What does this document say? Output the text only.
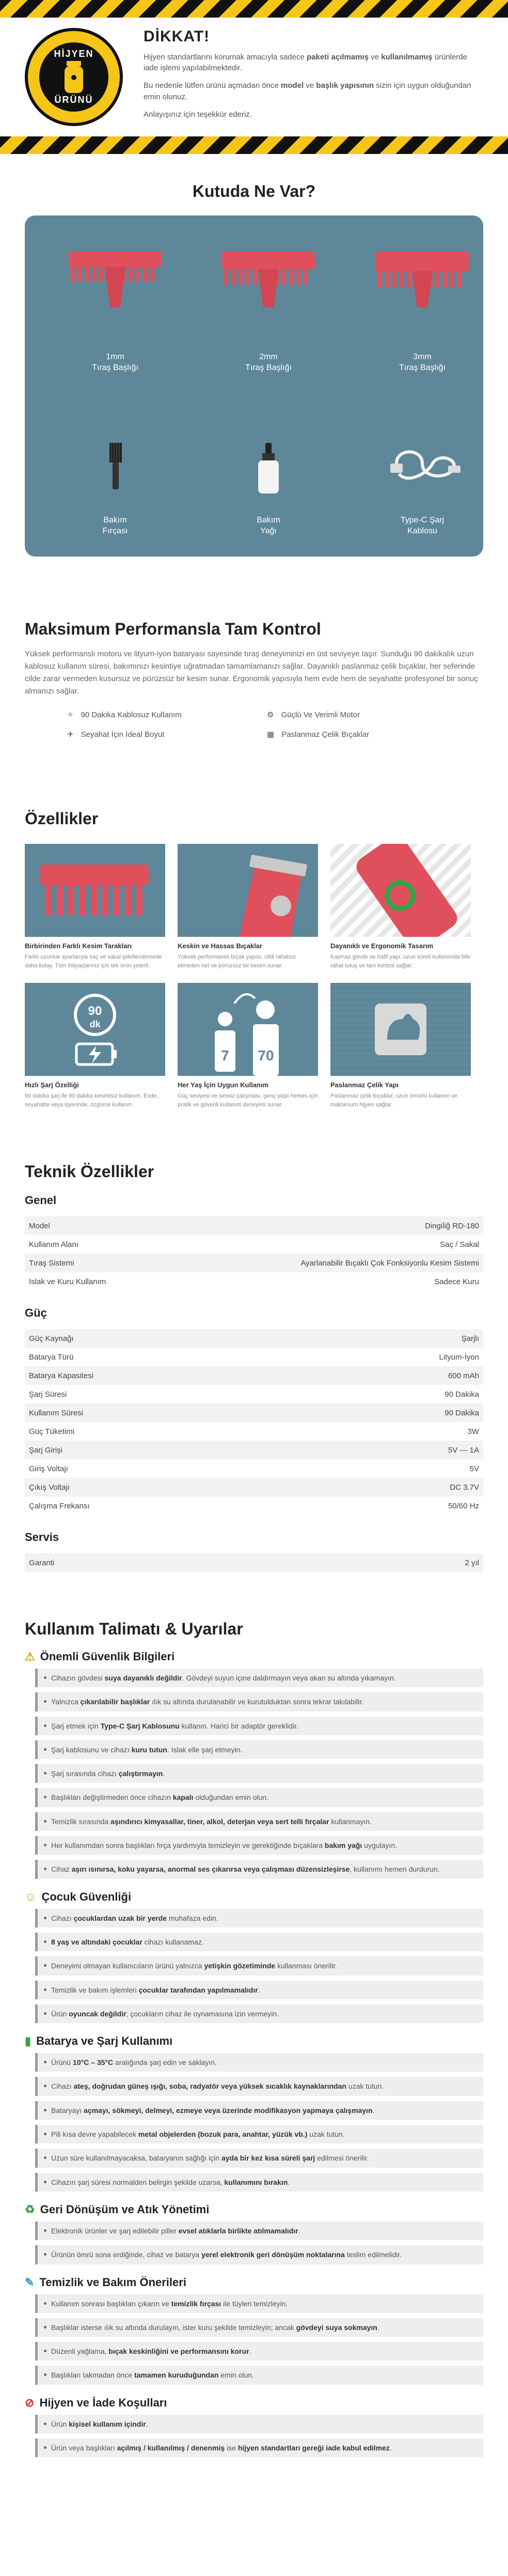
HİJYEN
ÜRÜNÜ
DİKKAT!

Hijyen standartlarını korumak amacıyla sadece paketi açılmamış ve kullanılmamış ürünlerde iade işlemi yapılabilmektedir.

Bu nedenle lütfen ürünü açmadan önce model ve başlık yapısının sizin için uygun olduğundan emin olunuz.

Anlayışınız için teşekkür ederiz.

Kutuda Ne Var?
1mm
Tıraş Başlığı
2mm
Tıraş Başlığı
3mm
Tıraş Başlığı
Bakım
Fırçası
Bakım
Yağı
Type-C Şarj
Kablosu
Maksimum Performansla Tam Kontrol

Yüksek performanslı motoru ve lityum-iyon bataryası sayesinde tıraş deneyiminizi en üst seviyeye taşır. Sunduğu 90 dakikalık uzun kablosuz kullanım süresi, bakımınızı kesintiye uğratmadan tamamlamanızı sağlar. Dayanıklı paslanmaz çelik bıçaklar, her seferinde cilde zarar vermeden kusursuz ve pürüzsüz bir kesim sunar. Ergonomik yapısıyla hem evde hem de seyahatte profesyonel bir sonuç almanızı sağlar.

✧ 90 Dakika Kablosuz Kullanım	⚙ Güçlü Ve Verimli Motor
✈ Seyahat İçin İdeal Boyut	▦ Paslanmaz Çelik Bıçaklar
Özellikler
Birbirinden Farklı Kesim Tarakları

Farklı uzunluk ayarlarıyla saç ve sakal şekillendirmede daha kolay. Tüm ihtiyaçlarınız için tek ürün yeterli.

Keskin ve Hassas Bıçaklar

Yüksek performanslı bıçak yapısı, cildi rahatsız etmeden net ve pürüzsüz bir kesim sunar.

Dayanıklı ve Ergonomik Tasarım

Kaymaz gövde ve hafif yapı, uzun süreli kullanımda bile rahat tutuş ve tam kontrol sağlar.

90
dk
Hızlı Şarj Özelliği

90 dakika şarj ile 90 dakika kesintisiz kullanım. Evde, seyahatte veya işyerinde, özgürce kullanın.

7 70
Her Yaş İçin Uygun Kullanım

Güç seviyesi ve sessiz çalışması, genç yaşlı herkes için pratik ve güvenli kullanım deneyimi sunar.

Paslanmaz Çelik Yapı

Paslanmaz çelik bıçaklar, uzun ömürlü kullanım ve maksimum hijyen sağlar.

Teknik Özellikler
Genel
Model	Dingiliğ RD-180
Kullanım Alanı	Saç / Sakal
Tıraş Sistemi	Ayarlanabilir Bıçaklı Çok Fonksiyonlu Kesim Sistemi
Islak ve Kuru Kullanım	Sadece Kuru
Güç
Güç Kaynağı	Şarjlı
Batarya Türü	Lityum-İyon
Batarya Kapasitesi	600 mAh
Şarj Süresi	90 Dakika
Kullanım Süresi	90 Dakika
Güç Tüketimi	3W
Şarj Girişi	5V — 1A
Giriş Voltajı	5V
Çıkış Voltajı	DC 3.7V
Çalışma Frekansı	50/60 Hz
Servis
Garanti	2 yıl
Kullanım Talimatı & Uyarılar
⚠ Önemli Güvenlik Bilgileri
Cihazın gövdesi suya dayanıklı değildir. Gövdeyi suyun içine daldırmayın veya akan su altında yıkamayın.
Yalnızca çıkarılabilir başlıklar ılık su altında durulanabilir ve kurutulduktan sonra tekrar takılabilir.
Şarj etmek için Type-C Şarj Kablosunu kullanın. Harici bir adaptör gereklidir.
Şarj kablosunu ve cihazı kuru tutun. Islak elle şarj etmeyin.
Şarj sırasında cihazı çalıştırmayın.
Başlıkları değiştirmeden önce cihazın kapalı olduğundan emin olun.
Temizlik sırasında aşındırıcı kimyasallar, tiner, alkol, deterjan veya sert telli fırçalar kullanmayın.
Her kullanımdan sonra başlıkları fırça yardımıyla temizleyin ve gerektiğinde bıçaklara bakım yağı uygulayın.
Cihaz aşırı ısınırsa, koku yayarsa, anormal ses çıkarırsa veya çalışması düzensizleşirse, kullanımı hemen durdurun.
☺ Çocuk Güvenliği
Cihazı çocuklardan uzak bir yerde muhafaza edin.
8 yaş ve altındaki çocuklar cihazı kullanamaz.
Deneyimi olmayan kullanıcıların ürünü yalnızca yetişkin gözetiminde kullanması önerilir.
Temizlik ve bakım işlemleri çocuklar tarafından yapılmamalıdır.
Ürün oyuncak değildir; çocukların cihaz ile oynamasına izin vermeyin.
▮ Batarya ve Şarj Kullanımı
Ürünü 10°C – 35°C aralığında şarj edin ve saklayın.
Cihazı ateş, doğrudan güneş ışığı, soba, radyatör veya yüksek sıcaklık kaynaklarından uzak tutun.
Bataryayı açmayı, sökmeyi, delmeyi, ezmeye veya üzerinde modifikasyon yapmaya çalışmayın.
Pili kısa devre yapabilecek metal objelerden (bozuk para, anahtar, yüzük vb.) uzak tutun.
Uzun süre kullanılmayacaksa, bataryanın sağlığı için ayda bir kez kısa süreli şarj edilmesi önerilir.
Cihazın şarj süresi normalden belirgin şekilde uzarsa, kullanımını bırakın.
♻ Geri Dönüşüm ve Atık Yönetimi
Elektronik ürünler ve şarj edilebilir piller evsel atıklarla birlikte atılmamalıdır.
Ürünün ömrü sona erdiğinde, cihaz ve batarya yerel elektronik geri dönüşüm noktalarına teslim edilmelidir.
✎ Temizlik ve Bakım Önerileri
Kullanım sonrası başlıkları çıkarın ve temizlik fırçası ile tüyleri temizleyin.
Başlıklar isterse ılık su altında durulayın, ister kuru şekilde temizleyin; ancak gövdeyi suya sokmayın.
Düzenli yağlama, bıçak keskinliğini ve performansını korur.
Başlıkları takmadan önce tamamen kuruduğundan emin olun.
⊘ Hijyen ve İade Koşulları
Ürün kişisel kullanım içindir.
Ürün veya başlıkları açılmış / kullanılmış / denenmiş ise hijyen standartları gereği iade kabul edilmez.
